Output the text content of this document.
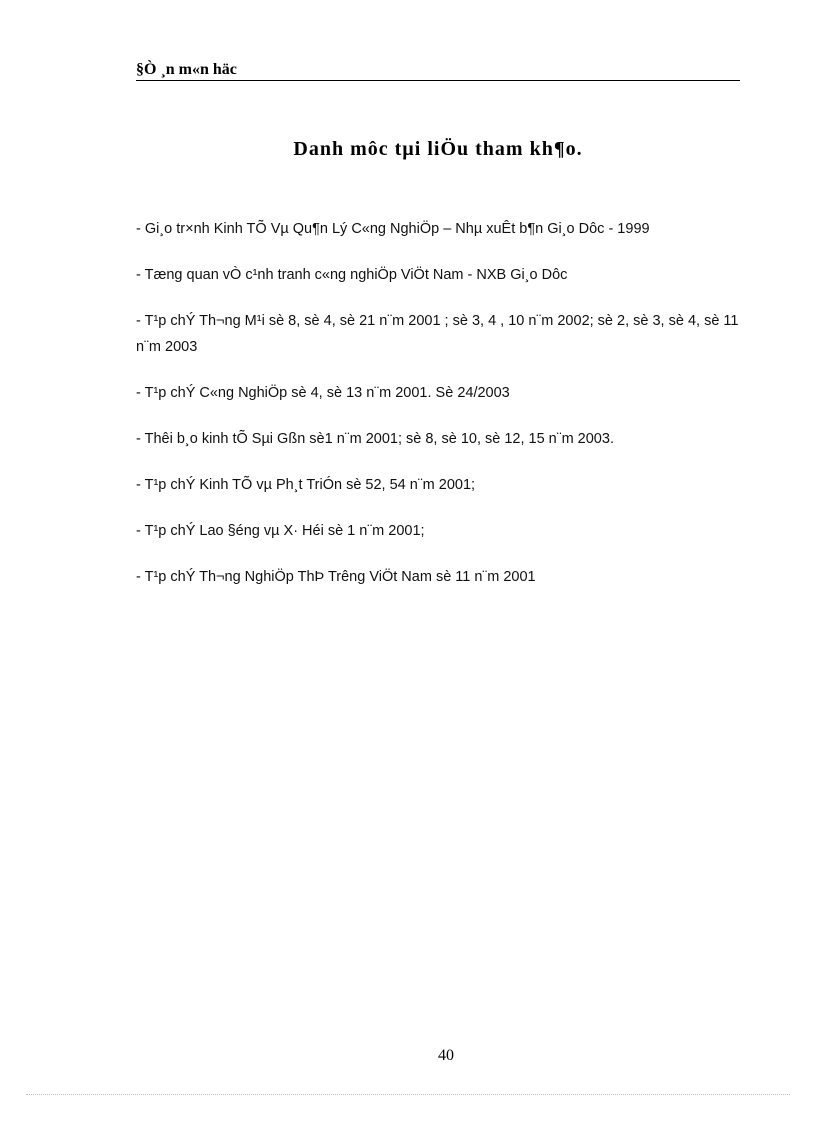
§Ò ¸n m«n häc
Danh môc tµi liÖu tham kh¶o.
- Gi¸o tr×nh Kinh TÕ Vµ Qu¶n Lý C«ng NghiÖp – Nhµ xuÊt b¶n Gi¸o Dôc - 1999
- Tæng quan vÒ c¹nh tranh c«ng nghiÖp ViÖt Nam - NXB Gi¸o Dôc
- T¹p chÝ Th¬ng M¹i sè 8, sè 4, sè 21 n¨m 2001 ; sè 3, 4 , 10 n¨m 2002; sè 2, sè 3, sè 4, sè 11 n¨m 2003
- T¹p chÝ C«ng NghiÖp sè 4, sè 13 n¨m 2001. Sè 24/2003
- Thêi b¸o kinh tÕ Sµi Gßn sè1 n¨m 2001; sè 8, sè 10, sè 12, 15 n¨m 2003.
- T¹p chÝ Kinh TÕ vµ Ph¸t TriÓn sè 52, 54 n¨m 2001;
- T¹p chÝ Lao §éng vµ X· Héi sè 1 n¨m 2001;
- T¹p chÝ Th¬ng NghiÖp ThÞ Trêng ViÖt Nam sè 11 n¨m 2001
40
